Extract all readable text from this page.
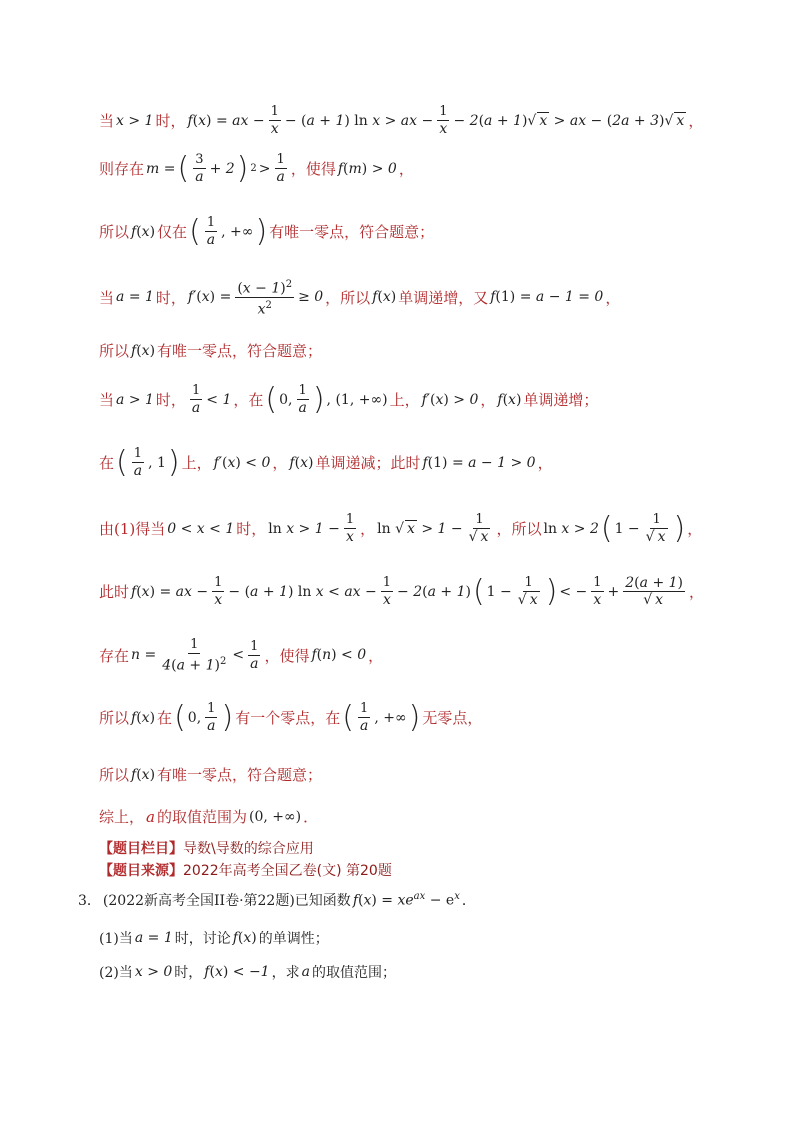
当 x > 1 时， f(x) = ax − $\frac{1}{x} - (a + 1)$ ln x > ax − $\frac{1}{x} - 2(a + 1)√$ x > ax − (2a + 3)√ x ，
则存在 m = ( $\frac{3}{a} + 2$ ) $2 > \frac{1}{a}$ ，使得 f(m) > 0 ，
所以 f(x) 仅在 ( $\frac{1}{a}$ , +∞ ) 有唯一零点，符合题意；
当 a = 1 时， $f'(x) = \frac{(x - 1)^2}{x^2} \ge 0$ ，所以 f(x) 单调递增，又 f(1) = a − 1 = 0 ，
所以 f(x) 有唯一零点，符合题意；
当 a > 1 时， $\frac{1}{a} < 1$ ，在 ( 0, $\frac{1}{a}$ ) , (1, +∞) 上， f′(x) > 0 ， f(x) 单调递增；
在 ( $\frac{1}{a}$ , 1 ) 上， f′(x) < 0 ， f(x) 单调递减；此时 f(1) = a − 1 > 0 ，
由(1)得当 0 < x < 1 时， $\ln x > 1 - \frac{1}{x}$ ， ln √ $x > 1 - \frac{1}{√ x}$ ，所以 ln x > 2 ( $1 - \frac{1}{√ x}$ ) ，
此时 f(x) = ax − $\frac{1}{x} - (a + 1)$ ln x < ax − $\frac{1}{x} - 2(a + 1)$ ( $1 - \frac{1}{√ x}$ ) < − $\frac{1}{x} + \frac{2(a + 1)}{√ x}$ ，
存在 $n = \frac{1}{4(a + 1)^2} < \frac{1}{a}$ ，使得 f(n) < 0 ，
所以 f(x) 在 ( 0, $\frac{1}{a}$ ) 有一个零点，在 ( $\frac{1}{a}$ , +∞ ) 无零点，
所以 f(x) 有唯一零点，符合题意；
综上， a 的取值范围为 (0, +∞) ．
【题目栏目】导数\导数的综合应用
【题目来源】2022年高考全国乙卷(文) 第20题
3． (2022新高考全国II卷·第22题)已知函数 $f(x) = xe^{ax} - e^x$ ．
(1)当 a = 1 时，讨论 f(x) 的单调性；
(2)当 x > 0 时， f(x) < −1 ，求 a 的取值范围；
